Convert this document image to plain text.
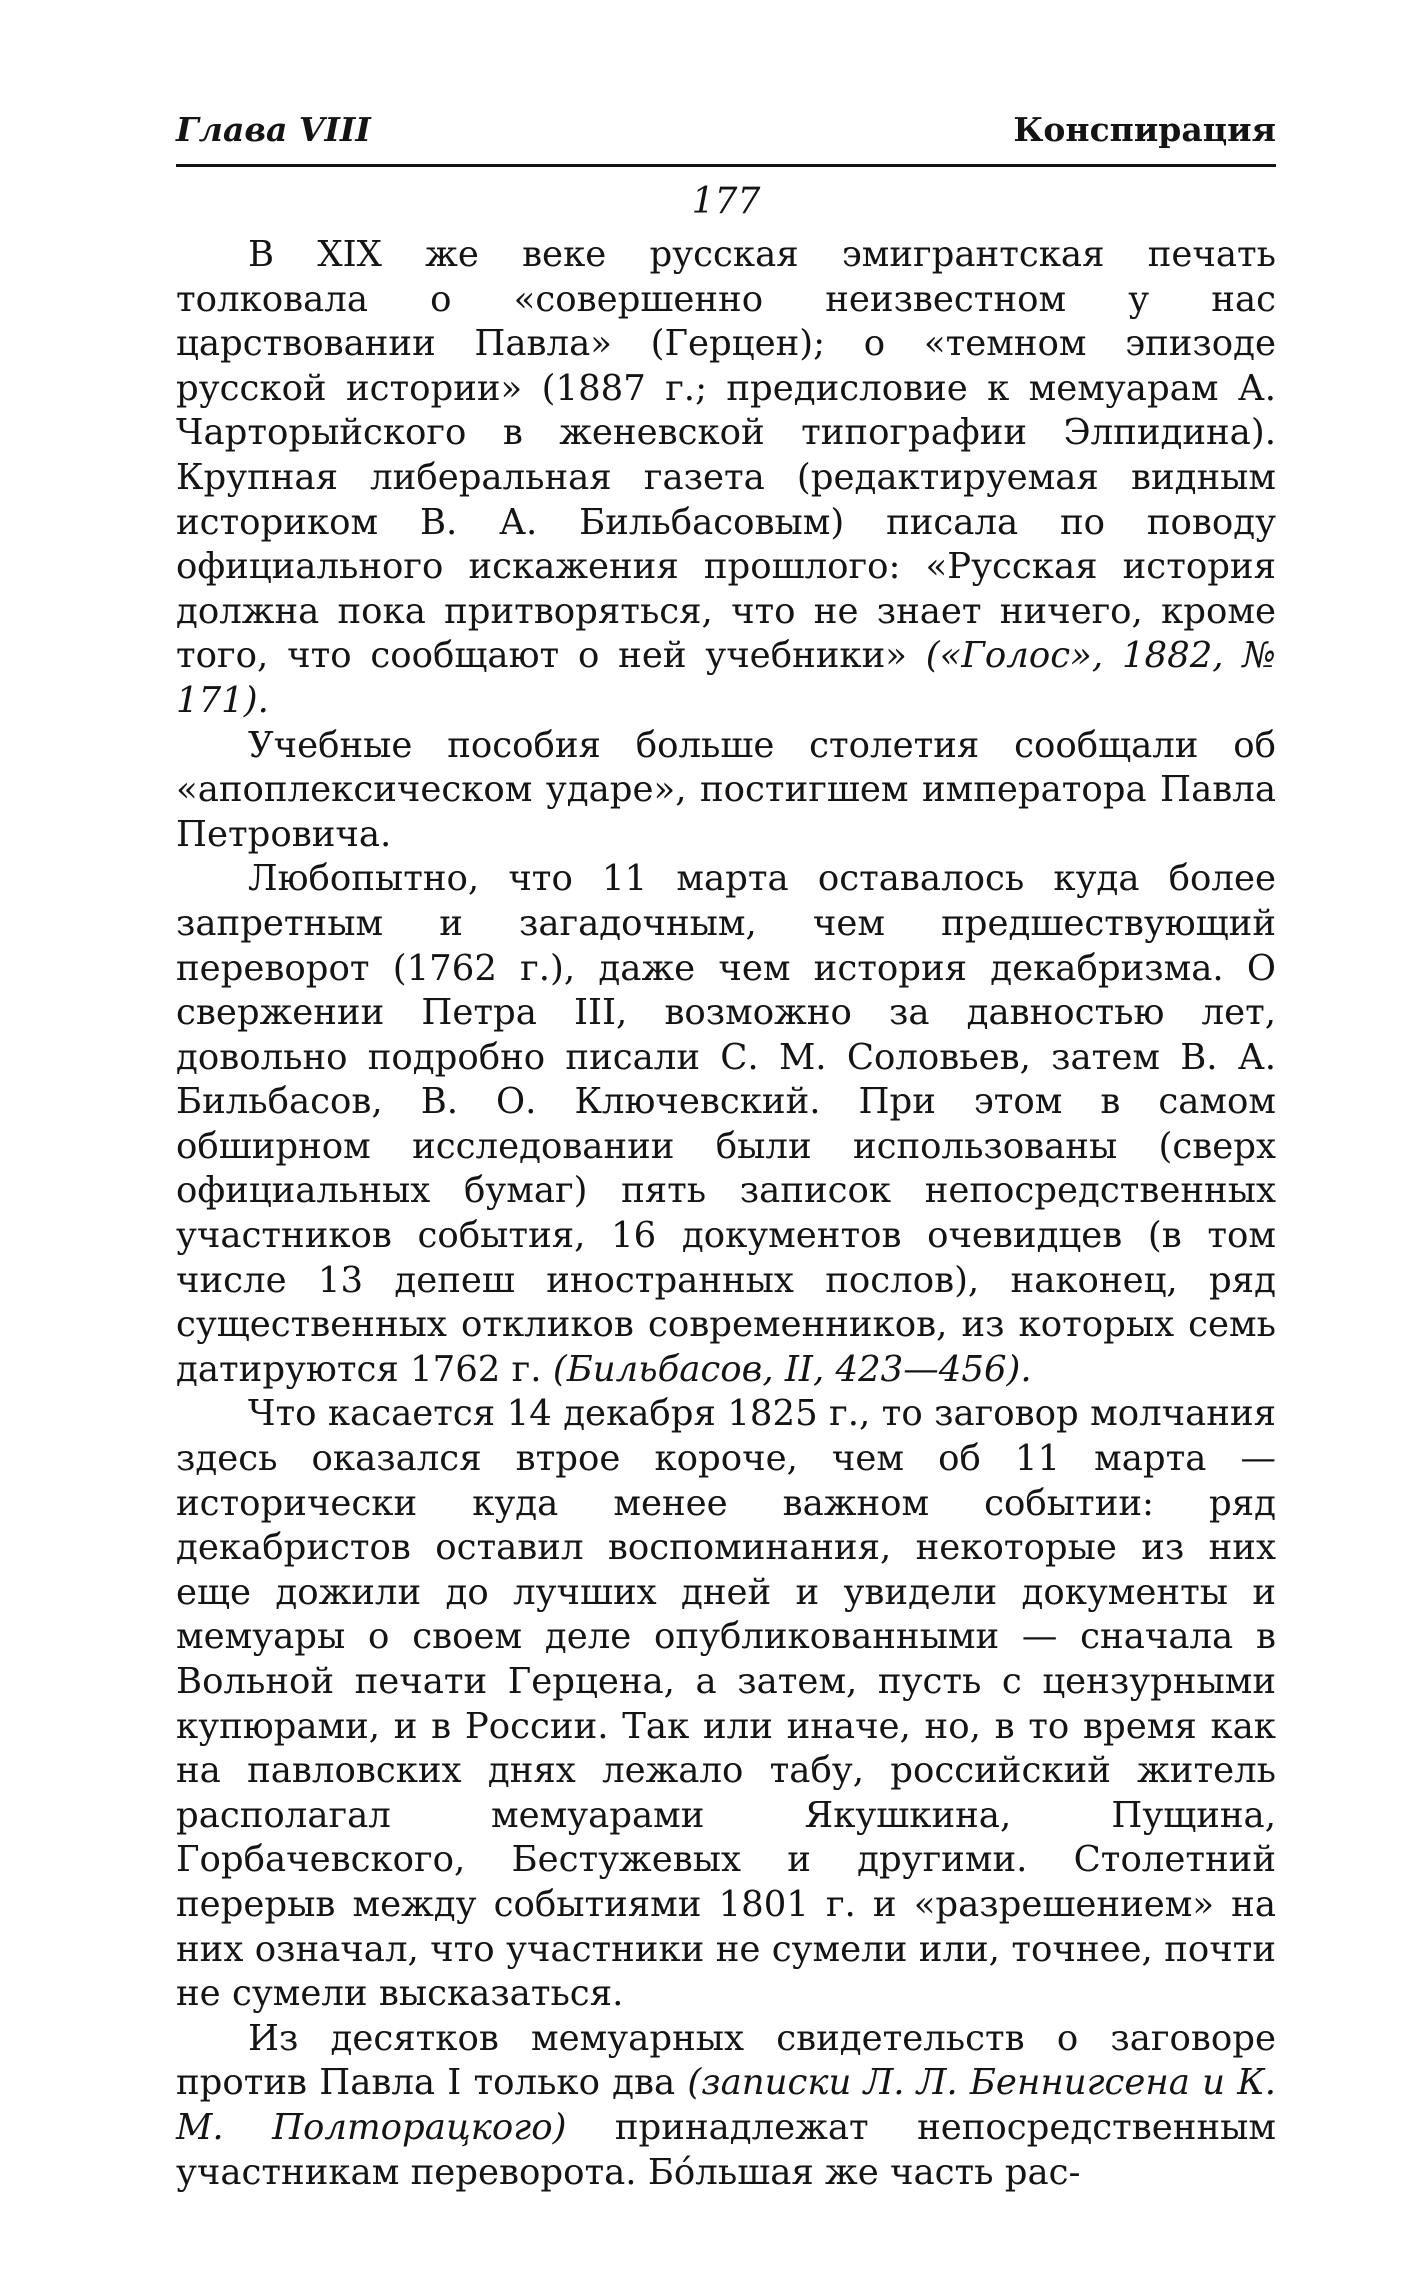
Глава VIII	Конспирация
177

В XIX же веке русская эмигрантская печать толковала о «совершенно неизвестном у нас царствовании Павла» (Герцен); о «темном эпизоде русской истории» (1887 г.; предисловие к мемуарам А. Чарторыйского в женевской типографии Элпидина). Крупная либеральная газета (редактируемая видным историком В. А. Бильбасовым) писала по поводу официального искажения прошлого: «Русская история должна пока притворяться, что не знает ничего, кроме того, что сообщают о ней учебники» («Голос», 1882, № 171).

Учебные пособия больше столетия сообщали об «апоплексическом ударе», постигшем императора Павла Петровича.

Любопытно, что 11 марта оставалось куда более запретным и загадочным, чем предшествующий переворот (1762 г.), даже чем история декабризма. О свержении Петра III, возможно за давностью лет, довольно подробно писали С. М. Соловьев, затем В. А. Бильбасов, В. О. Ключевский. При этом в самом обширном исследовании были использованы (сверх официальных бумаг) пять записок непосредственных участников события, 16 документов очевидцев (в том числе 13 депеш иностранных послов), наконец, ряд существенных откликов современников, из которых семь датируются 1762 г. (Бильбасов, II, 423—456).

Что касается 14 декабря 1825 г., то заговор молчания здесь оказался втрое короче, чем об 11 марта — исторически куда менее важном событии: ряд декабристов оставил воспоминания, некоторые из них еще дожили до лучших дней и увидели документы и мемуары о своем деле опубликованными — сначала в Вольной печати Герцена, а затем, пусть с цензурными купюрами, и в России. Так или иначе, но, в то время как на павловских днях лежало табу, российский житель располагал мемуарами Якушкина, Пущина, Горбачевского, Бестужевых и другими. Столетний перерыв между событиями 1801 г. и «разрешением» на них означал, что участники не сумели или, точнее, почти не сумели высказаться.

Из десятков мемуарных свидетельств о заговоре против Павла I только два (записки Л. Л. Беннигсена и К. М. Полторацкого) принадлежат непосредственным участникам переворота. Бо́льшая же часть рас-
